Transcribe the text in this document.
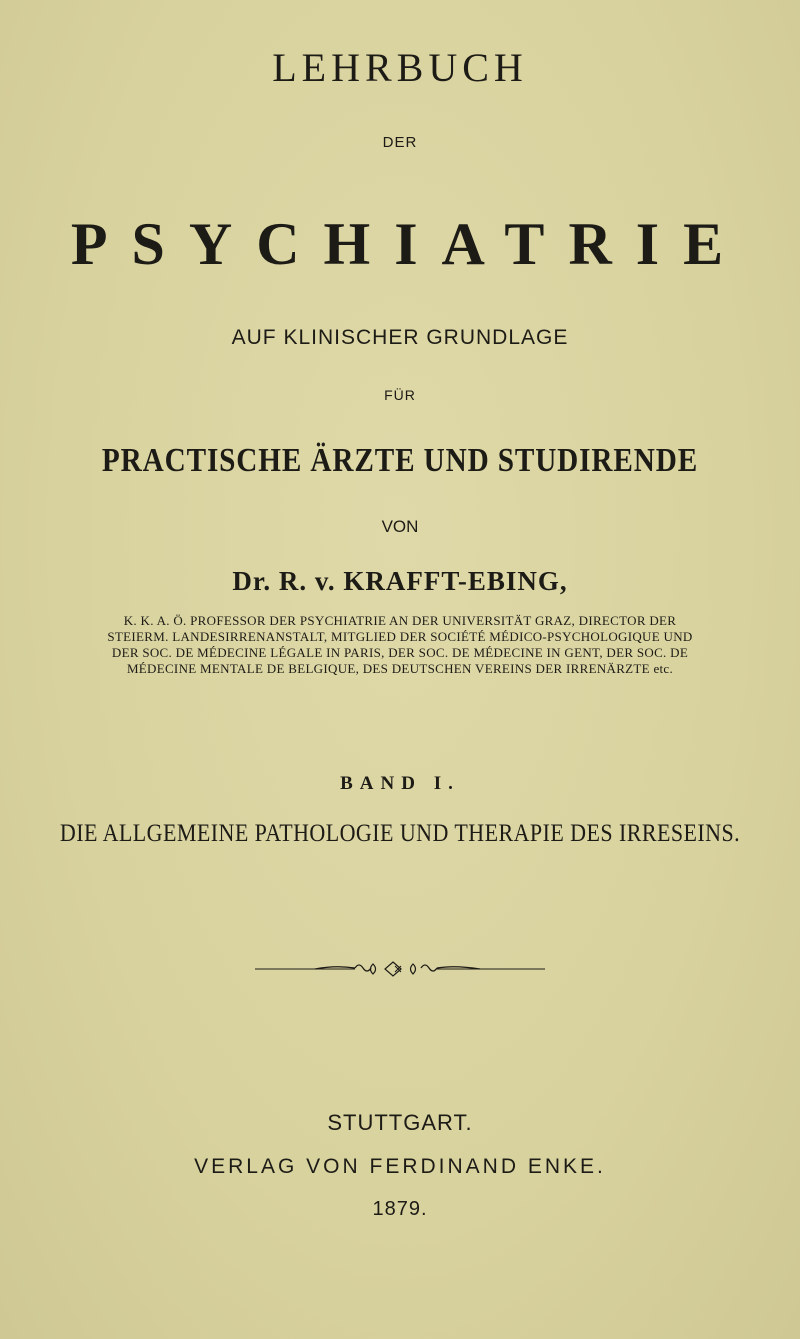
LEHRBUCH
DER
PSYCHIATRIE
AUF KLINISCHER GRUNDLAGE
FÜR
PRACTISCHE ÄRZTE UND STUDIRENDE
VON
Dr. R. v. KRAFFT-EBING,
K. K. A. Ö. PROFESSOR DER PSYCHIATRIE AN DER UNIVERSITÄT GRAZ, DIRECTOR DER
STEIERM. LANDESIRRENANSTALT, MITGLIED DER SOCIÉTÉ MÉDICO-PSYCHOLOGIQUE UND
DER SOC. DE MÉDECINE LÉGALE IN PARIS, DER SOC. DE MÉDECINE IN GENT, DER SOC. DE
MÉDECINE MENTALE DE BELGIQUE, DES DEUTSCHEN VEREINS DER IRRENÄRZTE etc.
BAND I.
DIE ALLGEMEINE PATHOLOGIE UND THERAPIE DES IRRESEINS.
STUTTGART.
VERLAG VON FERDINAND ENKE.
1879.
